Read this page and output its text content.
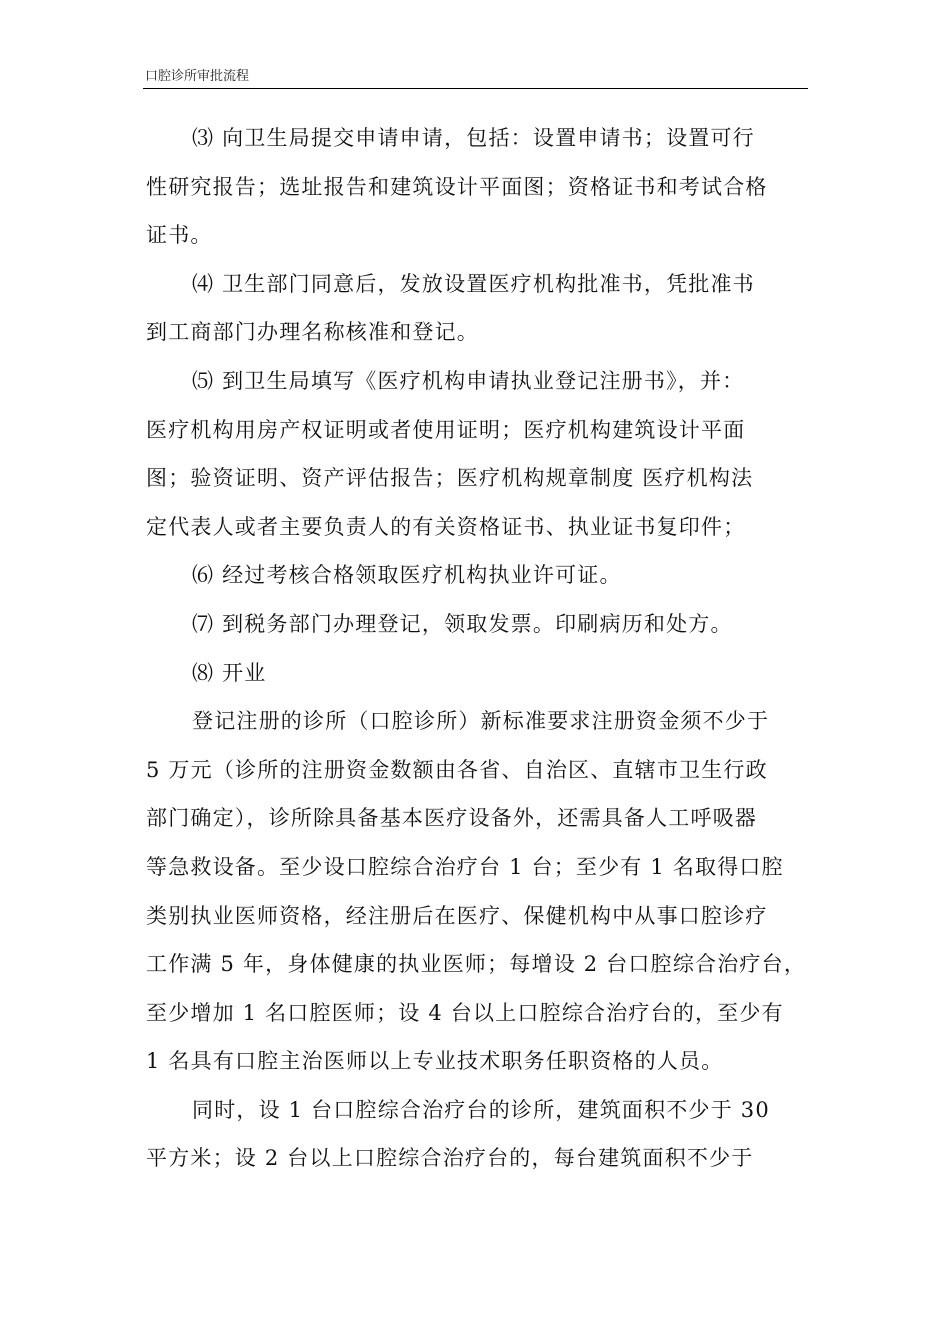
口腔诊所审批流程

⑶ 向卫生局提交申请申请，包括：设置申请书；设置可行
性研究报告；选址报告和建筑设计平面图；资格证书和考试合格
证书。

⑷ 卫生部门同意后，发放设置医疗机构批准书，凭批准书
到工商部门办理名称核准和登记。

⑸ 到卫生局填写《医疗机构申请执业登记注册书》，并：
医疗机构用房产权证明或者使用证明；医疗机构建筑设计平面
图；验资证明、资产评估报告；医疗机构规章制度 医疗机构法
定代表人或者主要负责人的有关资格证书、执业证书复印件；

⑹ 经过考核合格领取医疗机构执业许可证。

⑺ 到税务部门办理登记，领取发票。印刷病历和处方。

⑻ 开业

登记注册的诊所（口腔诊所）新标准要求注册资金须不少于
5 万元（诊所的注册资金数额由各省、自治区、直辖市卫生行政
部门确定），诊所除具备基本医疗设备外，还需具备人工呼吸器
等急救设备。至少设口腔综合治疗台 1 台；至少有 1 名取得口腔
类别执业医师资格，经注册后在医疗、保健机构中从事口腔诊疗
工作满 5 年，身体健康的执业医师；每增设 2 台口腔综合治疗台，
至少增加 1 名口腔医师；设 4 台以上口腔综合治疗台的，至少有
1 名具有口腔主治医师以上专业技术职务任职资格的人员。

同时，设 1 台口腔综合治疗台的诊所，建筑面积不少于 30
平方米；设 2 台以上口腔综合治疗台的，每台建筑面积不少于
